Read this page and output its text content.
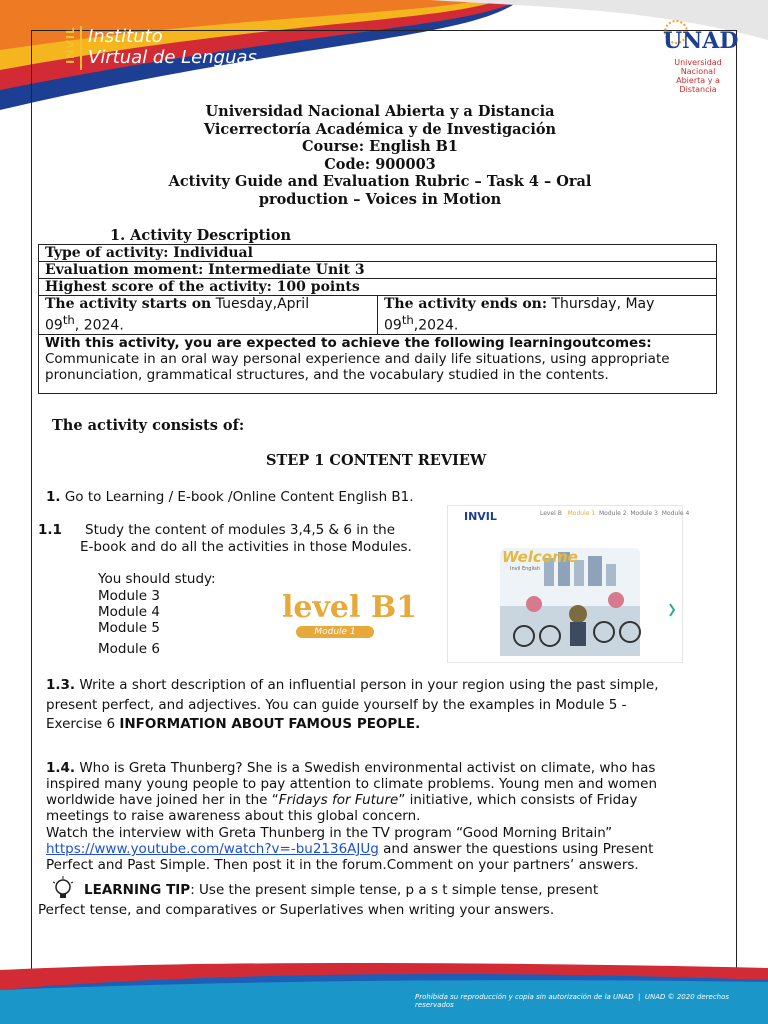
INVIL Instituto
Virtual de Lenguas
UNAD
Universidad Nacional
Abierta y a Distancia
Universidad Nacional Abierta y a Distancia
Vicerrectoría Académica y de Investigación
Course: English B1
Code: 900003
Activity Guide and Evaluation Rubric – Task 4 – Oral
production – Voices in Motion
1. Activity Description
Type of activity: Individual
Evaluation moment: Intermediate Unit 3
Highest score of the activity: 100 points
The activity starts on Tuesday,April
09th, 2024.	The activity ends on: Thursday, May
09th,2024.

With this activity, you are expected to achieve the following learningoutcomes:
Communicate in an oral way personal experience and daily life situations, using appropriate pronunciation, grammatical structures, and the vocabulary studied in the contents.
The activity consists of:
STEP 1 CONTENT REVIEW
1. Go to Learning / E-book /Online Content English B1.
1.1 Study the content of modules 3,4,5 & 6 in the
E-book and do all the activities in those Modules.
You should study:
Module 3
Module 4
Module 5
Module 6
level B1
Module 1
INVIL	Level B Module 1 Module 2 Module 3 Module 4
Welcome
Invil English
1.3. Write a short description of an influential person in your region using the past simple,
present perfect, and adjectives. You can guide yourself by the examples in Module 5 -
Exercise 6 INFORMATION ABOUT FAMOUS PEOPLE.
1.4. Who is Greta Thunberg? She is a Swedish environmental activist on climate, who has
inspired many young people to pay attention to climate problems. Young men and women
worldwide have joined her in the “Fridays for Future” initiative, which consists of Friday
meetings to raise awareness about this global concern.
Watch the interview with Greta Thunberg in the TV program “Good Morning Britain”
https://www.youtube.com/watch?v=-bu2136AJUg and answer the questions using Present
Perfect and Past Simple. Then post it in the forum.Comment on your partners’ answers.
LEARNING TIP: Use the present simple tense, p a s t simple tense, present
Perfect tense, and comparatives or Superlatives when writing your answers.
Prohibida su reproducción y copia sin autorización de la UNAD  |  UNAD © 2020 derechos reservados
